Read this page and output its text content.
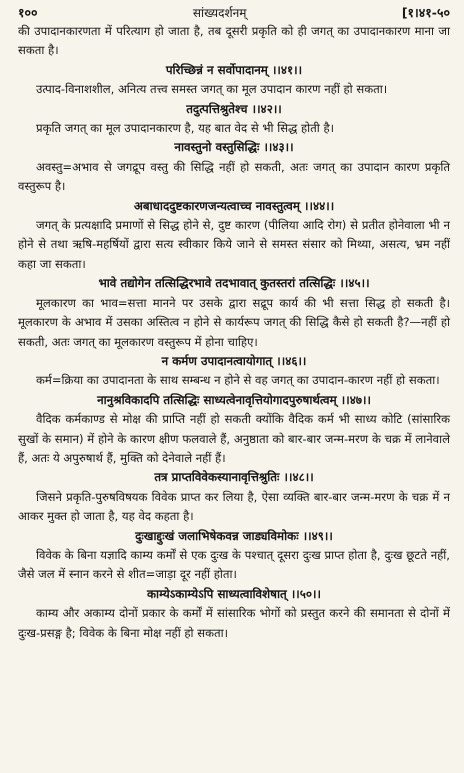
१००	सांख्यदर्शनम्	[१।४१-५०

की उपादानकारणता में परित्याग हो जाता है, तब दूसरी प्रकृति को ही जगत् का उपादानकारण माना जा सकता है।

परिच्छिन्नं न सर्वोपादानम् ।।४१।।

उत्पाद-विनाशशील, अनित्य तत्त्व समस्त जगत् का मूल उपादान कारण नहीं हो सकता।

तदुत्पत्तिश्रुतेश्च ।।४२।।

प्रकृति जगत् का मूल उपादानकारण है, यह बात वेद से भी सिद्ध होती है।

नावस्तुनो वस्तुसिद्धिः ।।४३।।

अवस्तु=अभाव से जगद्रूप वस्तु की सिद्धि नहीं हो सकती, अतः जगत् का उपादान कारण प्रकृति वस्तुरूप है।

अबाधाददुष्टकारणजन्यत्वाच्च नावस्तुत्वम् ।।४४।।

जगत् के प्रत्यक्षादि प्रमाणों से सिद्ध होने से, दुष्ट कारण (पीलिया आदि रोग) से प्रतीत होनेवाला भी न होने से तथा ऋषि-महर्षियों द्वारा सत्य स्वीकार किये जाने से समस्त संसार को मिथ्या, असत्य, भ्रम नहीं कहा जा सकता।

भावे तद्योगेन तत्सिद्धिरभावे तदभावात् कुतस्तरां तत्सिद्धिः ।।४५।।

मूलकारण का भाव=सत्ता मानने पर उसके द्वारा सद्रूप कार्य की भी सत्ता सिद्ध हो सकती है। मूलकारण के अभाव में उसका अस्तित्व न होने से कार्यरूप जगत् की सिद्धि कैसे हो सकती है?—नहीं हो सकती, अतः जगत् का मूलकारण वस्तुरूप में होना चाहिए।

न कर्मण उपादानत्वायोगात् ।।४६।।

कर्म=क्रिया का उपादानता के साथ सम्बन्ध न होने से वह जगत् का उपादान-कारण नहीं हो सकता।

नानुश्रविकादपि तत्सिद्धिः साध्यत्वेनावृत्तियोगादपुरुषार्थत्वम् ।।४७।।

वैदिक कर्मकाण्ड से मोक्ष की प्राप्ति नहीं हो सकती क्योंकि वैदिक कर्म भी साध्य कोटि (सांसारिक सुखों के समान) में होने के कारण क्षीण फलवाले हैं, अनुष्ठाता को बार-बार जन्म-मरण के चक्र में लानेवाले हैं, अतः ये अपुरुषार्थ हैं, मुक्ति को देनेवाले नहीं हैं।

तत्र प्राप्तविवेकस्यानावृत्तिश्रुतिः ।।४८।।

जिसने प्रकृति-पुरुषविषयक विवेक प्राप्त कर लिया है, ऐसा व्यक्ति बार-बार जन्म-मरण के चक्र में न आकर मुक्त हो जाता है, यह वेद कहता है।

दुःखाद्दुःखं जलाभिषेकवन्न जाड्यविमोकः ।।४९।।

विवेक के बिना यज्ञादि काम्य कर्मों से एक दुःख के पश्चात् दूसरा दुःख प्राप्त होता है, दुःख छूटते नहीं, जैसे जल में स्नान करने से शीत=जाड़ा दूर नहीं होता।

काम्येऽकाम्येऽपि साध्यत्वाविशेषात् ।।५०।।

काम्य और अकाम्य दोनों प्रकार के कर्मों में सांसारिक भोगों को प्रस्तुत करने की समानता से दोनों में दुःख-प्रसङ्ग है; विवेक के बिना मोक्ष नहीं हो सकता।
